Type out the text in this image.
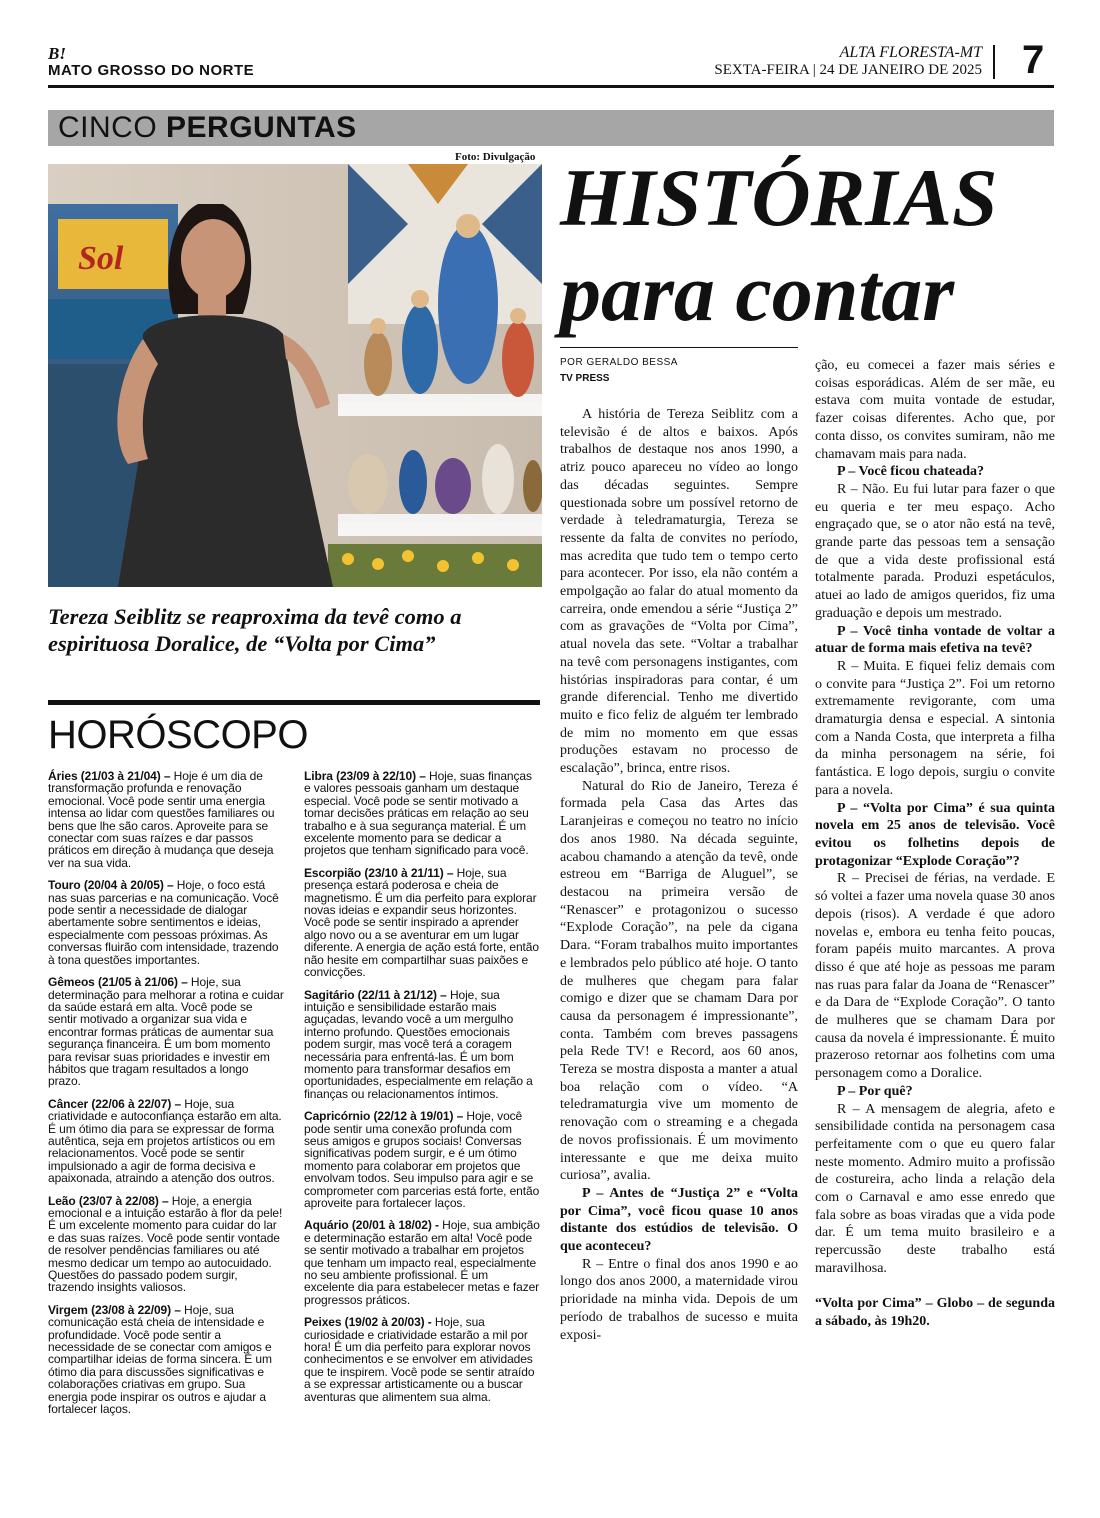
B!
MATO GROSSO DO NORTE
ALTA FLORESTA-MT
SEXTA-FEIRA | 24 DE JANEIRO DE 2025 7
CINCO PERGUNTAS
Foto: Divulgação
Sol
Tereza Seiblitz se reaproxima da tevê como a espirituosa Doralice, de “Volta por Cima”
HISTÓRIAS
para contar
POR GERALDO BESSA
TV PRESS

A história de Tereza Seiblitz com a televisão é de altos e baixos. Após trabalhos de destaque nos anos 1990, a atriz pouco apareceu no vídeo ao longo das décadas seguintes. Sempre questionada sobre um possível retorno de verdade à teledramaturgia, Tereza se ressente da falta de convites no período, mas acredita que tudo tem o tempo certo para acontecer. Por isso, ela não contém a empolgação ao falar do atual momento da carreira, onde emendou a série “Justiça 2” com as gravações de “Volta por Cima”, atual novela das sete. “Voltar a trabalhar na tevê com personagens instigantes, com histórias inspiradoras para contar, é um grande diferencial. Tenho me divertido muito e fico feliz de alguém ter lembrado de mim no momento em que essas produções estavam no processo de escalação”, brinca, entre risos.

Natural do Rio de Janeiro, Tereza é formada pela Casa das Artes das Laranjeiras e começou no teatro no início dos anos 1980. Na década seguinte, acabou chamando a atenção da tevê, onde estreou em “Barriga de Aluguel”, se destacou na primeira versão de “Renascer” e protagonizou o sucesso “Explode Coração”, na pele da cigana Dara. “Foram trabalhos muito importantes e lembrados pelo público até hoje. O tanto de mulheres que chegam para falar comigo e dizer que se chamam Dara por causa da personagem é impressionante”, conta. Também com breves passagens pela Rede TV! e Record, aos 60 anos, Tereza se mostra disposta a manter a atual boa relação com o vídeo. “A teledramaturgia vive um momento de renovação com o streaming e a chegada de novos profissionais. É um movimento interessante e que me deixa muito curiosa”, avalia.

P – Antes de “Justiça 2” e “Volta por Cima”, você ficou quase 10 anos distante dos estúdios de televisão. O que aconteceu?

R – Entre o final dos anos 1990 e ao longo dos anos 2000, a maternidade virou prioridade na minha vida. Depois de um período de trabalhos de sucesso e muita exposi-

ção, eu comecei a fazer mais séries e coisas esporádicas. Além de ser mãe, eu estava com muita vontade de estudar, fazer coisas diferentes. Acho que, por conta disso, os convites sumiram, não me chamavam mais para nada.

P – Você ficou chateada?

R – Não. Eu fui lutar para fazer o que eu queria e ter meu espaço. Acho engraçado que, se o ator não está na tevê, grande parte das pessoas tem a sensação de que a vida deste profissional está totalmente parada. Produzi espetáculos, atuei ao lado de amigos queridos, fiz uma graduação e depois um mestrado.

P – Você tinha vontade de voltar a atuar de forma mais efetiva na tevê?

R – Muita. E fiquei feliz demais com o convite para “Justiça 2”. Foi um retorno extremamente revigorante, com uma dramaturgia densa e especial. A sintonia com a Nanda Costa, que interpreta a filha da minha personagem na série, foi fantástica. E logo depois, surgiu o convite para a novela.

P – “Volta por Cima” é sua quinta novela em 25 anos de televisão. Você evitou os folhetins depois de protagonizar “Explode Coração”?

R – Precisei de férias, na verdade. E só voltei a fazer uma novela quase 30 anos depois (risos). A verdade é que adoro novelas e, embora eu tenha feito poucas, foram papéis muito marcantes. A prova disso é que até hoje as pessoas me param nas ruas para falar da Joana de “Renascer” e da Dara de “Explode Coração”. O tanto de mulheres que se chamam Dara por causa da novela é impressionante. É muito prazeroso retornar aos folhetins com uma personagem como a Doralice.

P – Por quê?

R – A mensagem de alegria, afeto e sensibilidade contida na personagem casa perfeitamente com o que eu quero falar neste momento. Admiro muito a profissão de costureira, acho linda a relação dela com o Carnaval e amo esse enredo que fala sobre as boas viradas que a vida pode dar. É um tema muito brasileiro e a repercussão deste trabalho está maravilhosa.

“Volta por Cima” – Globo – de segunda a sábado, às 19h20.

HORÓSCOPO

Áries (21/03 à 21/04) – Hoje é um dia de transformação profunda e renovação emocional. Você pode sentir uma energia intensa ao lidar com questões familiares ou bens que lhe são caros. Aproveite para se conectar com suas raízes e dar passos práticos em direção à mudança que deseja ver na sua vida.

Touro (20/04 à 20/05) – Hoje, o foco está nas suas parcerias e na comunicação. Você pode sentir a necessidade de dialogar abertamente sobre sentimentos e ideias, especialmente com pessoas próximas. As conversas fluirão com intensidade, trazendo à tona questões importantes.

Gêmeos (21/05 à 21/06) – Hoje, sua determinação para melhorar a rotina e cuidar da saúde estará em alta. Você pode se sentir motivado a organizar sua vida e encontrar formas práticas de aumentar sua segurança financeira. É um bom momento para revisar suas prioridades e investir em hábitos que tragam resultados a longo prazo.

Câncer (22/06 à 22/07) – Hoje, sua criatividade e autoconfiança estarão em alta. É um ótimo dia para se expressar de forma autêntica, seja em projetos artísticos ou em relacionamentos. Você pode se sentir impulsionado a agir de forma decisiva e apaixonada, atraindo a atenção dos outros.

Leão (23/07 à 22/08) – Hoje, a energia emocional e a intuição estarão à flor da pele! É um excelente momento para cuidar do lar e das suas raízes. Você pode sentir vontade de resolver pendências familiares ou até mesmo dedicar um tempo ao autocuidado. Questões do passado podem surgir, trazendo insights valiosos.

Virgem (23/08 à 22/09) – Hoje, sua comunicação está cheia de intensidade e profundidade. Você pode sentir a necessidade de se conectar com amigos e compartilhar ideias de forma sincera. É um ótimo dia para discussões significativas e colaborações criativas em grupo. Sua energia pode inspirar os outros e ajudar a fortalecer laços.

Libra (23/09 à 22/10) – Hoje, suas finanças e valores pessoais ganham um destaque especial. Você pode se sentir motivado a tomar decisões práticas em relação ao seu trabalho e à sua segurança material. É um excelente momento para se dedicar a projetos que tenham significado para você.

Escorpião (23/10 à 21/11) – Hoje, sua presença estará poderosa e cheia de magnetismo. É um dia perfeito para explorar novas ideias e expandir seus horizontes. Você pode se sentir inspirado a aprender algo novo ou a se aventurar em um lugar diferente. A energia de ação está forte, então não hesite em compartilhar suas paixões e convicções.

Sagitário (22/11 à 21/12) – Hoje, sua intuição e sensibilidade estarão mais aguçadas, levando você a um mergulho interno profundo. Questões emocionais podem surgir, mas você terá a coragem necessária para enfrentá-las. É um bom momento para transformar desafios em oportunidades, especialmente em relação a finanças ou relacionamentos íntimos.

Capricórnio (22/12 à 19/01) – Hoje, você pode sentir uma conexão profunda com seus amigos e grupos sociais! Conversas significativas podem surgir, e é um ótimo momento para colaborar em projetos que envolvam todos. Seu impulso para agir e se comprometer com parcerias está forte, então aproveite para fortalecer laços.

Aquário (20/01 à 18/02) - Hoje, sua ambição e determinação estarão em alta! Você pode se sentir motivado a trabalhar em projetos que tenham um impacto real, especialmente no seu ambiente profissional. É um excelente dia para estabelecer metas e fazer progressos práticos.

Peixes (19/02 à 20/03) - Hoje, sua curiosidade e criatividade estarão a mil por hora! É um dia perfeito para explorar novos conhecimentos e se envolver em atividades que te inspirem. Você pode se sentir atraído a se expressar artisticamente ou a buscar aventuras que alimentem sua alma.
